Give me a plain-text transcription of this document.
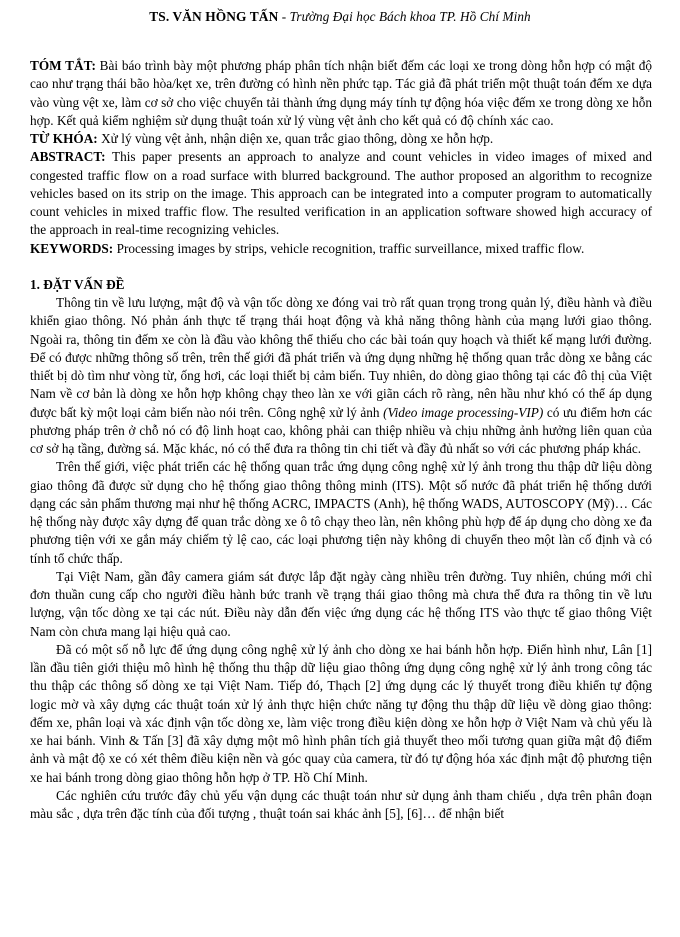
TS. VĂN HỒNG TẤN - Trường Đại học Bách khoa TP. Hồ Chí Minh

TÓM TẮT: Bài báo trình bày một phương pháp phân tích nhận biết đếm các loại xe trong dòng hỗn hợp có mật độ cao như trạng thái bão hòa/kẹt xe, trên đường có hình nền phức tạp. Tác giả đã phát triển một thuật toán đếm xe dựa vào vùng vệt xe, làm cơ sở cho việc chuyển tải thành ứng dụng máy tính tự động hóa việc đếm xe trong dòng xe hỗn hợp. Kết quả kiểm nghiệm sử dụng thuật toán xử lý vùng vệt ảnh cho kết quả có độ chính xác cao.

TỪ KHÓA: Xử lý vùng vệt ảnh, nhận diện xe, quan trắc giao thông, dòng xe hỗn hợp.

ABSTRACT: This paper presents an approach to analyze and count vehicles in video images of mixed and congested traffic flow on a road surface with blurred background. The author proposed an algorithm to recognize vehicles based on its strip on the image. This approach can be integrated into a computer program to automatically count vehicles in mixed traffic flow. The resulted verification in an application software showed high accuracy of the approach in real-time recognizing vehicles.

KEYWORDS: Processing images by strips, vehicle recognition, traffic surveillance, mixed traffic flow.

1. ĐẶT VẤN ĐỀ

Thông tin về lưu lượng, mật độ và vận tốc dòng xe đóng vai trò rất quan trọng trong quản lý, điều hành và điều khiển giao thông. Nó phản ánh thực tế trạng thái hoạt động và khả năng thông hành của mạng lưới giao thông. Ngoài ra, thông tin đếm xe còn là đầu vào không thể thiếu cho các bài toán quy hoạch và thiết kế mạng lưới đường. Để có được những thông số trên, trên thế giới đã phát triển và ứng dụng những hệ thống quan trắc dòng xe bằng các thiết bị dò tìm như vòng từ, ống hơi, các loại thiết bị cảm biến. Tuy nhiên, do dòng giao thông tại các đô thị của Việt Nam về cơ bản là dòng xe hỗn hợp không chạy theo làn xe với giãn cách rõ ràng, nên hầu như khó có thể áp dụng được bất kỳ một loại cảm biến nào nói trên. Công nghệ xử lý ảnh (Video image processing-VIP) có ưu điểm hơn các phương pháp trên ở chỗ nó có độ linh hoạt cao, không phải can thiệp nhiều và chịu những ảnh hưởng liên quan của cơ sở hạ tầng, đường sá. Mặc khác, nó có thể đưa ra thông tin chi tiết và đầy đủ nhất so với các phương pháp khác.

Trên thế giới, việc phát triển các hệ thống quan trắc ứng dụng công nghệ xử lý ảnh trong thu thập dữ liệu dòng giao thông đã được sử dụng cho hệ thống giao thông thông minh (ITS). Một số nước đã phát triển hệ thống dưới dạng các sản phẩm thương mại như hệ thống ACRC, IMPACTS (Anh), hệ thống WADS, AUTOSCOPY (Mỹ)… Các hệ thống này được xây dựng để quan trắc dòng xe ô tô chạy theo làn, nên không phù hợp để áp dụng cho dòng xe đa phương tiện với xe gắn máy chiếm tỷ lệ cao, các loại phương tiện này không di chuyển theo một làn cố định và có tính tổ chức thấp.

Tại Việt Nam, gần đây camera giám sát được lắp đặt ngày càng nhiều trên đường. Tuy nhiên, chúng mới chỉ đơn thuần cung cấp cho người điều hành bức tranh về trạng thái giao thông mà chưa thể đưa ra thông tin về lưu lượng, vận tốc dòng xe tại các nút. Điều này dẫn đến việc ứng dụng các hệ thống ITS vào thực tế giao thông Việt Nam còn chưa mang lại hiệu quả cao.

Đã có một số nỗ lực để ứng dụng công nghệ xử lý ảnh cho dòng xe hai bánh hỗn hợp. Điển hình như, Lân [1] lần đầu tiên giới thiệu mô hình hệ thống thu thập dữ liệu giao thông ứng dụng công nghệ xử lý ảnh trong công tác thu thập các thông số dòng xe tại Việt Nam. Tiếp đó, Thạch [2] ứng dụng các lý thuyết trong điều khiển tự động logic mờ và xây dựng các thuật toán xử lý ảnh thực hiện chức năng tự động thu thập dữ liệu về dòng giao thông: đếm xe, phân loại và xác định vận tốc dòng xe, làm việc trong điều kiện dòng xe hỗn hợp ở Việt Nam và chủ yếu là xe hai bánh. Vinh & Tấn [3] đã xây dựng một mô hình phân tích giả thuyết theo mối tương quan giữa mật độ điểm ảnh và mật độ xe có xét thêm điều kiện nền và góc quay của camera, từ đó tự động hóa xác định mật độ phương tiện xe hai bánh trong dòng giao thông hỗn hợp ở TP. Hồ Chí Minh.

Các nghiên cứu trước đây chủ yếu vận dụng các thuật toán như sử dụng ảnh tham chiếu , dựa trên phân đoạn màu sắc , dựa trên đặc tính của đối tượng , thuật toán sai khác ảnh [5], [6]… để nhận biết
